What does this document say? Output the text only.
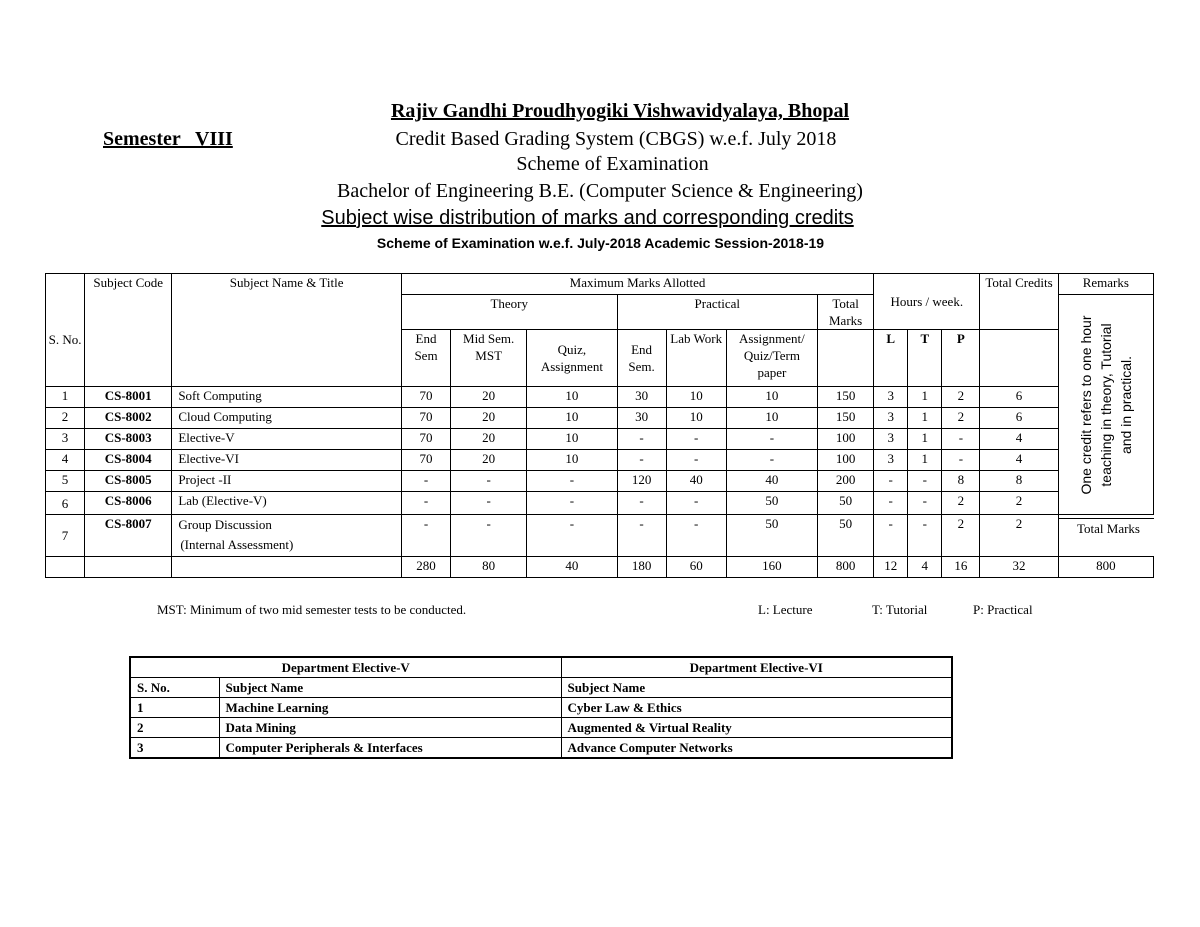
Rajiv Gandhi Proudhyogiki Vishwavidyalaya, Bhopal
Semester   VIII	Credit Based Grading System (CBGS) w.e.f. July 2018
Scheme of Examination
Bachelor of Engineering B.E. (Computer Science & Engineering)
Subject wise distribution of marks and corresponding credits
Scheme of Examination w.e.f. July-2018 Academic Session-2018-19
S. No.	Subject Code	Subject Name & Title	Maximum Marks Allotted							Hours / week.			Total Credits	Remarks
			Theory			Practical			Total Marks					One credit refers to one hour teaching in theory, Tutorial and in practical.

			End Sem	Mid Sem. MST	Quiz, Assignment	End Sem.	Lab Work	Assignment/ Quiz/Term paper		L	T	P		
1	CS-8001	Soft Computing	70	20	10	30	10	10	150	3	1	2	6	
2	CS-8002	Cloud Computing	70	20	10	30	10	10	150	3	1	2	6	
3	CS-8003	Elective-V	70	20	10	-	-	-	100	3	1	-	4	
4	CS-8004	Elective-VI	70	20	10	-	-	-	100	3	1	-	4	
5	CS-8005	Project -II	-	-	-	120	40	40	200	-	-	8	8	
6	CS-8006	Lab (Elective-V)	-	-	-	-	-	50	50	-	-	2	2	
7	CS-8007	Group Discussion
(Internal Assessment)	-	-	-	-	-	50	50	-	-	2	2	
			280	80	40	180	60	160	800	12	4	16	32	800
Total Marks
MST: Minimum of two mid semester tests to be conducted.	L: Lecture	T: Tutorial	P: Practical
Department Elective-V		Department Elective-VI
S. No.	Subject Name	Subject Name
1	Machine Learning	Cyber Law & Ethics
2	Data Mining	Augmented & Virtual Reality
3	Computer Peripherals & Interfaces	Advance Computer Networks
